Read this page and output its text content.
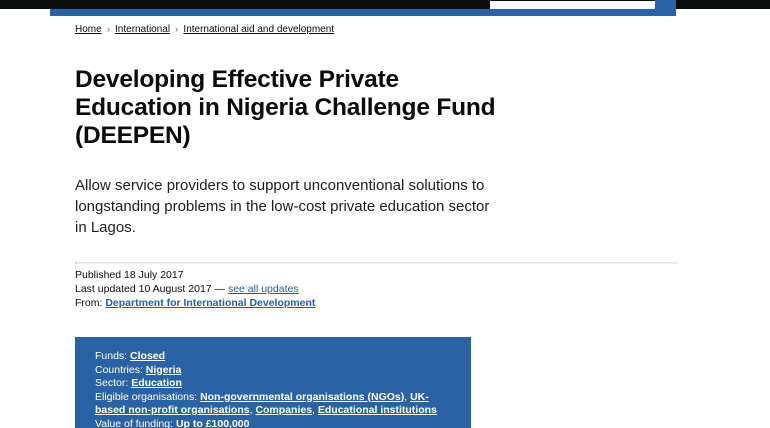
Home › International › International aid and development
Developing Effective Private Education in Nigeria Challenge Fund (DEEPEN)

Allow service providers to support unconventional solutions to longstanding problems in the low-cost private education sector in Lagos.

Published 18 July 2017
Last updated 10 August 2017 — see all updates
From: Department for International Development
Funds: Closed
Countries: Nigeria
Sector: Education
Eligible organisations: Non-governmental organisations (NGOs), UK-based non-profit organisations, Companies, Educational institutions
Value of funding: Up to £100,000
